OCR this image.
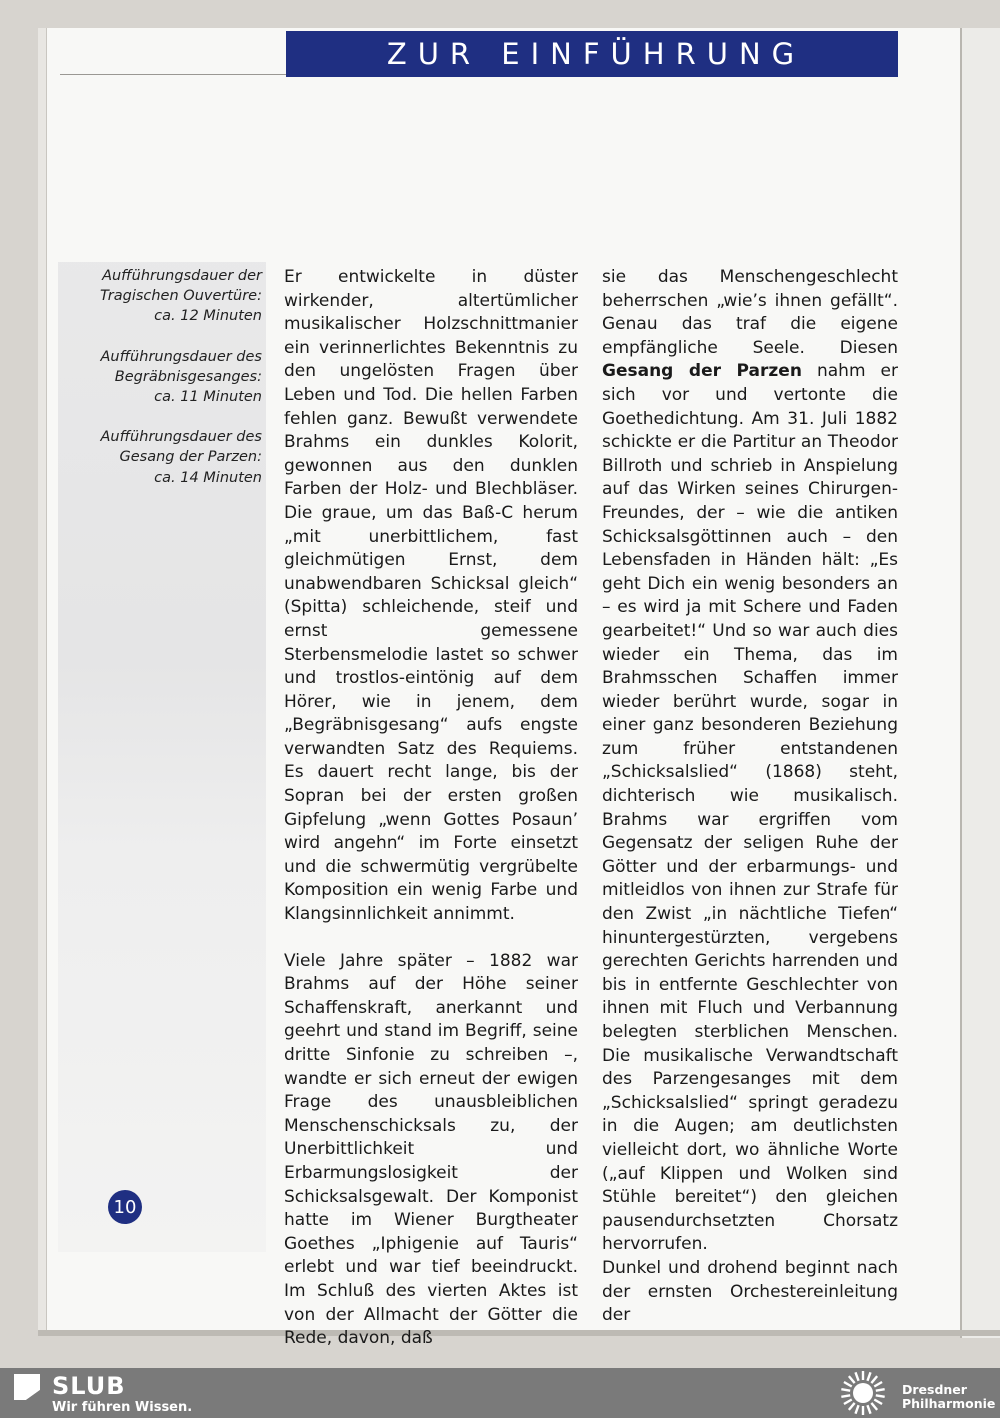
ZUR EINFÜHRUNG

Aufführungsdauer der Tragischen Ouvertüre: ca. 12 Minuten

Aufführungsdauer des Begräbnisgesanges: ca. 11 Minuten

Aufführungsdauer des Gesang der Parzen: ca. 14 Minuten

10

Er entwickelte in düster wirkender, altertümlicher musikalischer Holzschnittmanier ein verinnerlichtes Bekenntnis zu den ungelösten Fragen über Leben und Tod. Die hellen Farben fehlen ganz. Bewußt verwendete Brahms ein dunkles Kolorit, gewonnen aus den dunklen Farben der Holz- und Blechbläser. Die graue, um das Baß-C herum „mit unerbittlichem, fast gleichmütigen Ernst, dem unabwendbaren Schicksal gleich“ (Spitta) schleichende, steif und ernst gemessene Sterbensmelodie lastet so schwer und trostlos-eintönig auf dem Hörer, wie in jenem, dem „Begräbnisgesang“ aufs engste verwandten Satz des Requiems. Es dauert recht lange, bis der Sopran bei der ersten großen Gipfelung „wenn Gottes Posaun’ wird angehn“ im Forte einsetzt und die schwermütig vergrübelte Komposition ein wenig Farbe und Klangsinnlichkeit annimmt.

Viele Jahre später – 1882 war Brahms auf der Höhe seiner Schaffenskraft, anerkannt und geehrt und stand im Begriff, seine dritte Sinfonie zu schreiben –, wandte er sich erneut der ewigen Frage des unausbleiblichen Menschenschicksals zu, der Unerbittlichkeit und Erbarmungslosigkeit der Schicksalsgewalt. Der Komponist hatte im Wiener Burgtheater Goethes „Iphigenie auf Tauris“ erlebt und war tief beeindruckt. Im Schluß des vierten Aktes ist von der Allmacht der Götter die Rede, davon, daß

sie das Menschengeschlecht beherrschen „wie’s ihnen gefällt“. Genau das traf die eigene empfängliche Seele. Diesen Gesang der Parzen nahm er sich vor und vertonte die Goethedichtung. Am 31. Juli 1882 schickte er die Partitur an Theodor Billroth und schrieb in Anspielung auf das Wirken seines Chirurgen-Freundes, der – wie die antiken Schicksalsgöttinnen auch – den Lebensfaden in Händen hält: „Es geht Dich ein wenig besonders an – es wird ja mit Schere und Faden gearbeitet!“ Und so war auch dies wieder ein Thema, das im Brahmsschen Schaffen immer wieder berührt wurde, sogar in einer ganz besonderen Beziehung zum früher entstandenen „Schicksalslied“ (1868) steht, dichterisch wie musikalisch. Brahms war ergriffen vom Gegensatz der seligen Ruhe der Götter und der erbarmungs- und mitleidlos von ihnen zur Strafe für den Zwist „in nächtliche Tiefen“ hinuntergestürzten, vergebens gerechten Gerichts harrenden und bis in entfernte Geschlechter von ihnen mit Fluch und Verbannung belegten sterblichen Menschen. Die musikalische Verwandtschaft des Parzengesanges mit dem „Schicksalslied“ springt geradezu in die Augen; am deutlichsten vielleicht dort, wo ähnliche Worte („auf Klippen und Wolken sind Stühle bereitet“) den gleichen pausendurchsetzten Chorsatz hervorrufen.

Dunkel und drohend beginnt nach der ernsten Orchestereinleitung der

SLUB
Wir führen Wissen.
Dresdner
Philharmonie
